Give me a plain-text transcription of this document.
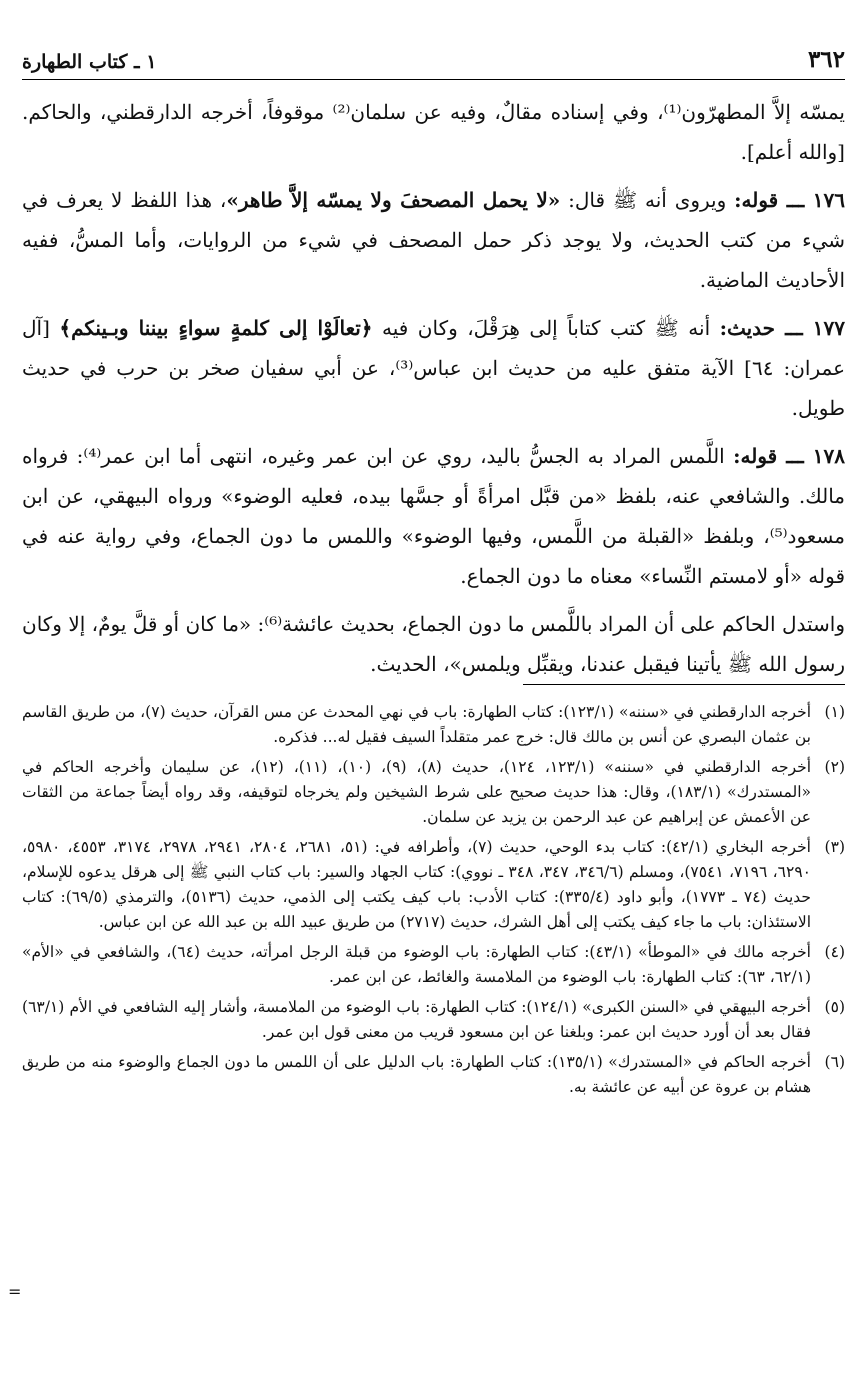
٣٦٢
١ ـ كتاب الطهارة

يمسّه إلاَّ المطهرّون⁽¹⁾، وفي إسناده مقالٌ، وفيه عن سلمان⁽²⁾ موقوفاً، أخرجه الدارقطني، والحاكم. [والله أعلم].

١٧٦ ـــ قوله: ويروى أنه ﷺ قال: «لا يحمل المصحفَ ولا يمسّه إلاَّ طاهر»، هذا اللفظ لا يعرف في شيء من كتب الحديث، ولا يوجد ذكر حمل المصحف في شيء من الروايات، وأما المسُّ، ففيه الأحاديث الماضية.

١٧٧ ـــ حديث: أنه ﷺ كتب كتاباً إلى هِرَقْلَ، وكان فيه ﴿تعالَوْا إلى كلمةٍ سواءٍ بيننا وبـينكم﴾ [آل عمران: ٦٤] الآية متفق عليه من حديث ابن عباس⁽³⁾، عن أبي سفيان صخر بن حرب في حديث طويل.

١٧٨ ـــ قوله: اللَّمس المراد به الجسُّ باليد، روي عن ابن عمر وغيره، انتهى أما ابن عمر⁽⁴⁾: فرواه مالك. والشافعي عنه، بلفظ «من قبَّل امرأةً أو جسَّها بيده، فعليه الوضوء» ورواه البيهقي، عن ابن مسعود⁽⁵⁾، وبلفظ «القبلة من اللَّمس، وفيها الوضوء» واللمس ما دون الجماع، وفي رواية عنه في قوله «أو لامستم النِّساء» معناه ما دون الجماع.

واستدل الحاكم على أن المراد باللَّمس ما دون الجماع، بحديث عائشة⁽⁶⁾: «ما كان أو قلَّ يومٌ، إلا وكان رسول الله ﷺ يأتينا فيقبل عندنا، ويقبِّل ويلمس»، الحديث.

(١)
أخرجه الدارقطني في «سننه» (١٢٣/١): كتاب الطهارة: باب في نهي المحدث عن مس القرآن، حديث (٧)، من طريق القاسم بن عثمان البصري عن أنس بن مالك قال: خرج عمر متقلداً السيف فقيل له... فذكره.
(٢)
أخرجه الدارقطني في «سننه» (١٢٣/١، ١٢٤)، حديث (٨)، (٩)، (١٠)، (١١)، (١٢)، عن سليمان وأخرجه الحاكم في «المستدرك» (١٨٣/١)، وقال: هذا حديث صحيح على شرط الشيخين ولم يخرجاه لتوقيفه، وقد رواه أيضاً جماعة من الثقات عن الأعمش عن إبراهيم عن عبد الرحمن بن يزيد عن سلمان.
(٣)
أخرجه البخاري (٤٢/١): كتاب بدء الوحي، حديث (٧)، وأطرافه في: (٥١، ٢٦٨١، ٢٨٠٤، ٢٩٤١، ٢٩٧٨، ٣١٧٤، ٤٥٥٣، ٥٩٨٠، ٦٢٩٠، ٧١٩٦، ٧٥٤١)، ومسلم (٣٤٦/٦، ٣٤٧، ٣٤٨ ـ نووي): كتاب الجهاد والسير: باب كتاب النبي ﷺ إلى هرقل يدعوه للإسلام، حديث (٧٤ ـ ١٧٧٣)، وأبو داود (٣٣٥/٤): كتاب الأدب: باب كيف يكتب إلى الذمي، حديث (٥١٣٦)، والترمذي (٦٩/٥): كتاب الاستئذان: باب ما جاء كيف يكتب إلى أهل الشرك، حديث (٢٧١٧) من طريق عبيد الله بن عبد الله عن ابن عباس.
(٤)
أخرجه مالك في «الموطأ» (٤٣/١): كتاب الطهارة: باب الوضوء من قبلة الرجل امرأته، حديث (٦٤)، والشافعي في «الأم» (٦٢/١، ٦٣): كتاب الطهارة: باب الوضوء من الملامسة والغائط، عن ابن عمر.
(٥)
أخرجه البيهقي في «السنن الكبرى» (١٢٤/١): كتاب الطهارة: باب الوضوء من الملامسة، وأشار إليه الشافعي في الأم (٦٣/١) فقال بعد أن أورد حديث ابن عمر: وبلغنا عن ابن مسعود قريب من معنى قول ابن عمر.
(٦)
أخرجه الحاكم في «المستدرك» (١٣٥/١): كتاب الطهارة: باب الدليل على أن اللمس ما دون الجماع والوضوء منه من طريق هشام بن عروة عن أبيه عن عائشة به.
=
